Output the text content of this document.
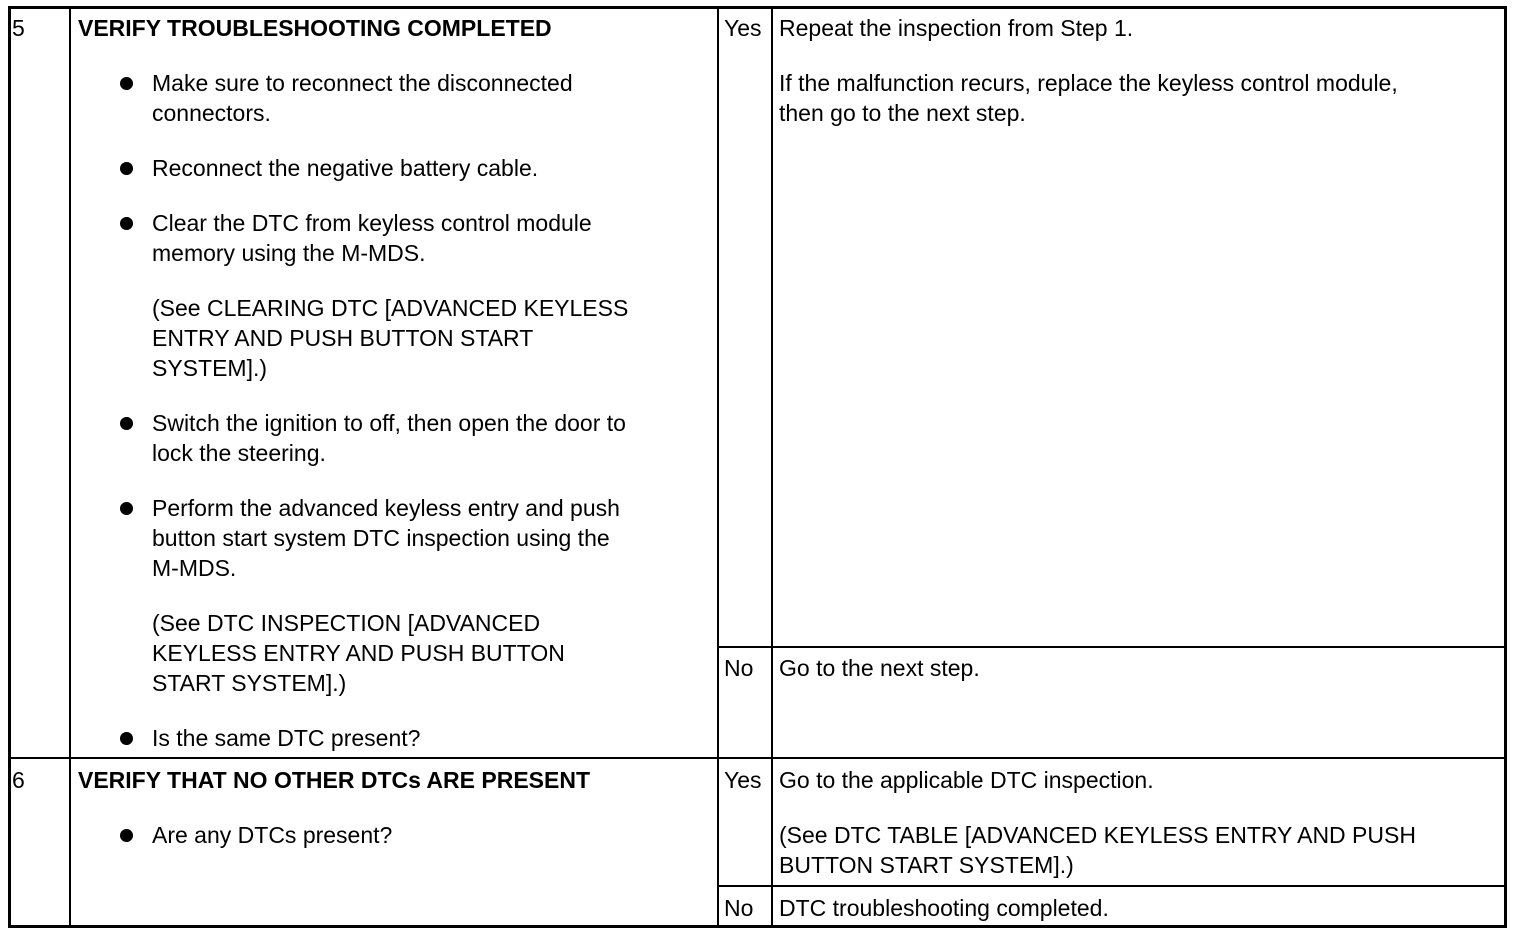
5 VERIFY TROUBLESHOOTING COMPLETED
Make sure to reconnect the disconnected
connectors.
Reconnect the negative battery cable.
Clear the DTC from keyless control module
memory using the M-MDS.
(See CLEARING DTC [ADVANCED KEYLESS
ENTRY AND PUSH BUTTON START
SYSTEM].)
Switch the ignition to off, then open the door to
lock the steering.
Perform the advanced keyless entry and push
button start system DTC inspection using the
M-MDS.
(See DTC INSPECTION [ADVANCED
KEYLESS ENTRY AND PUSH BUTTON
START SYSTEM].)
Is the same DTC present?
Yes Repeat the inspection from Step 1.
If the malfunction recurs, replace the keyless control module,
then go to the next step.
No Go to the next step.
6 VERIFY THAT NO OTHER DTCs ARE PRESENT
Are any DTCs present?
Yes Go to the applicable DTC inspection.
(See DTC TABLE [ADVANCED KEYLESS ENTRY AND PUSH
BUTTON START SYSTEM].)
No DTC troubleshooting completed.
